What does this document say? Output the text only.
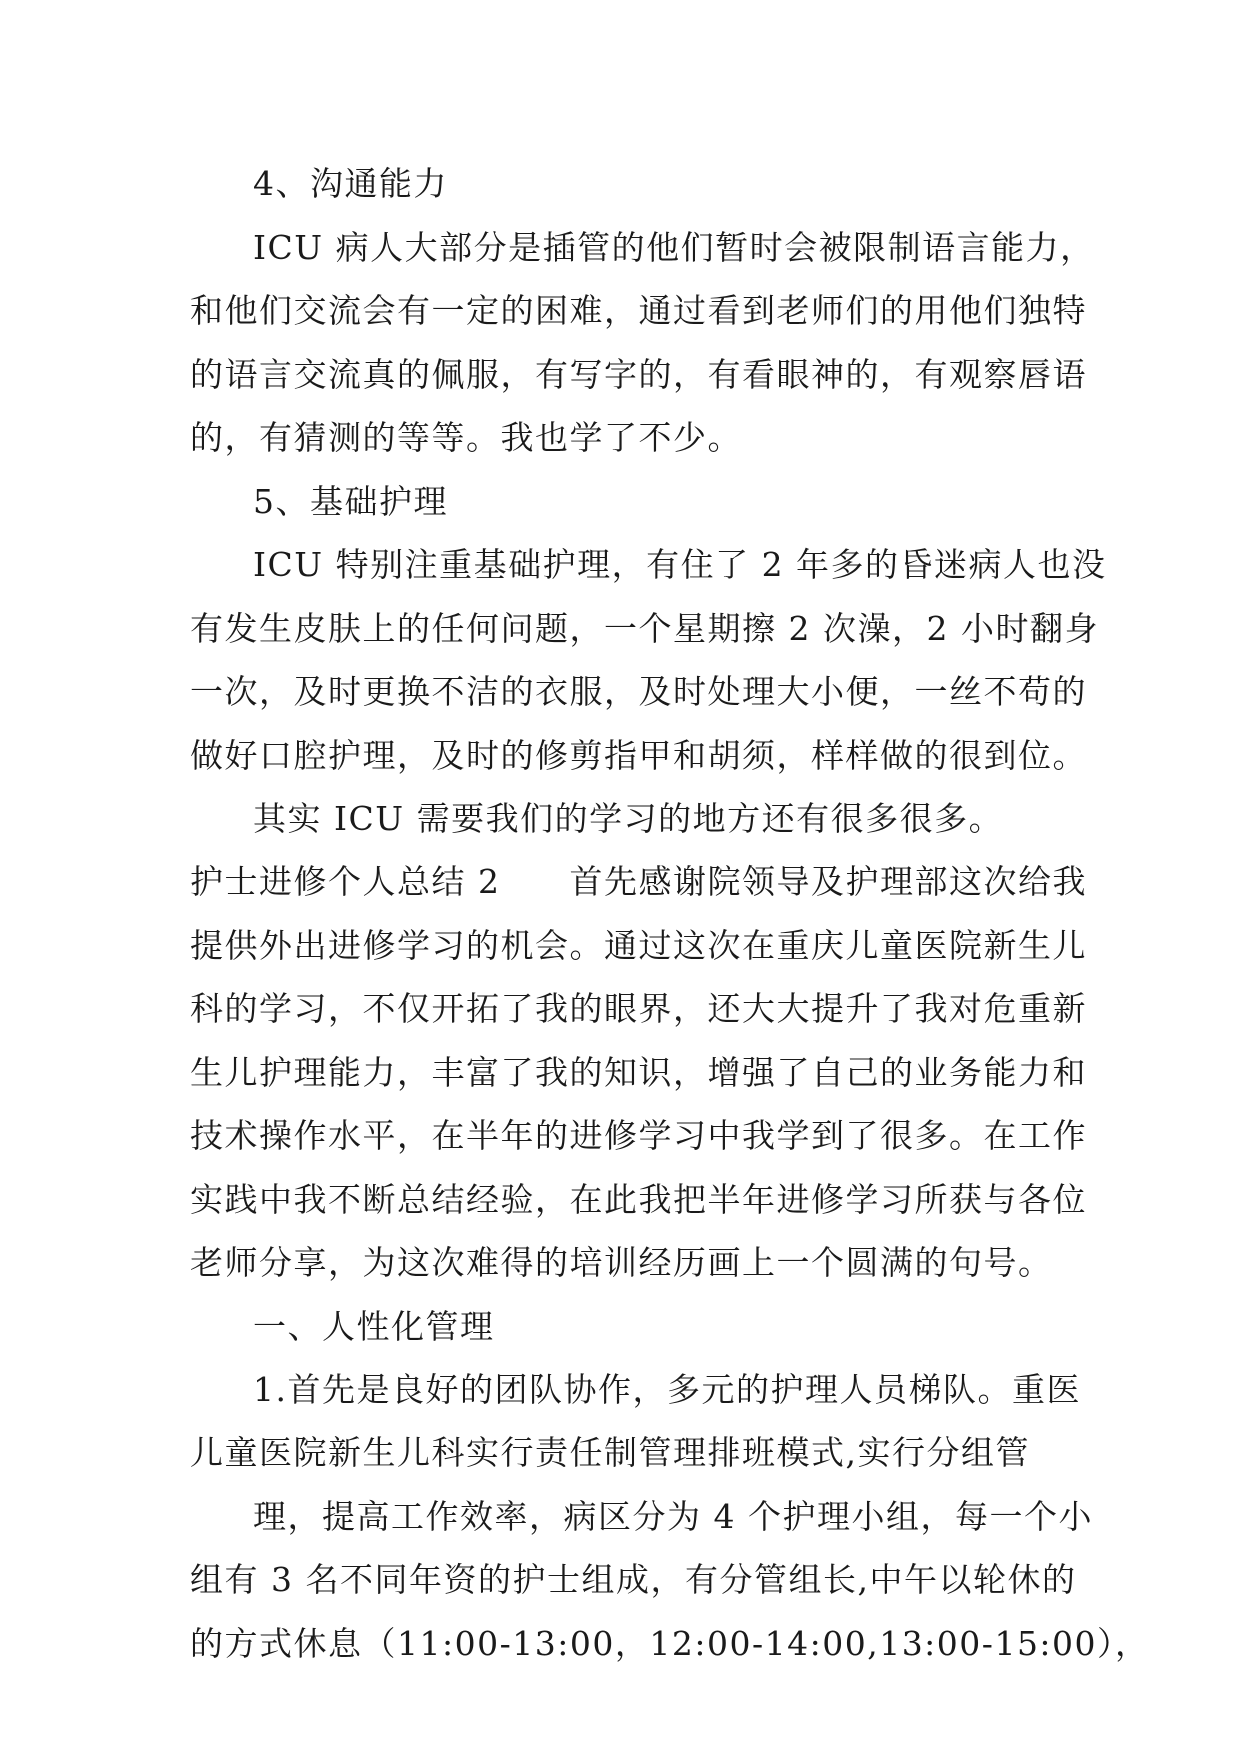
4、沟通能力
ICU 病人大部分是插管的他们暂时会被限制语言能力，
和他们交流会有一定的困难，通过看到老师们的用他们独特
的语言交流真的佩服，有写字的，有看眼神的，有观察唇语
的，有猜测的等等。我也学了不少。
5、基础护理
ICU 特别注重基础护理，有住了 2 年多的昏迷病人也没
有发生皮肤上的任何问题，一个星期擦 2 次澡，2 小时翻身
一次，及时更换不洁的衣服，及时处理大小便，一丝不苟的
做好口腔护理，及时的修剪指甲和胡须，样样做的很到位。
其实 ICU 需要我们的学习的地方还有很多很多。
护士进修个人总结 2　　首先感谢院领导及护理部这次给我
提供外出进修学习的机会。通过这次在重庆儿童医院新生儿
科的学习，不仅开拓了我的眼界，还大大提升了我对危重新
生儿护理能力，丰富了我的知识，增强了自己的业务能力和
技术操作水平，在半年的进修学习中我学到了很多。在工作
实践中我不断总结经验，在此我把半年进修学习所获与各位
老师分享，为这次难得的培训经历画上一个圆满的句号。
一、人性化管理
1.首先是良好的团队协作，多元的护理人员梯队。重医
儿童医院新生儿科实行责任制管理排班模式,实行分组管
理，提高工作效率，病区分为 4 个护理小组，每一个小
组有 3 名不同年资的护士组成，有分管组长,中午以轮休的
的方式休息（11:00-13:00，12:00-14:00,13:00-15:00），
